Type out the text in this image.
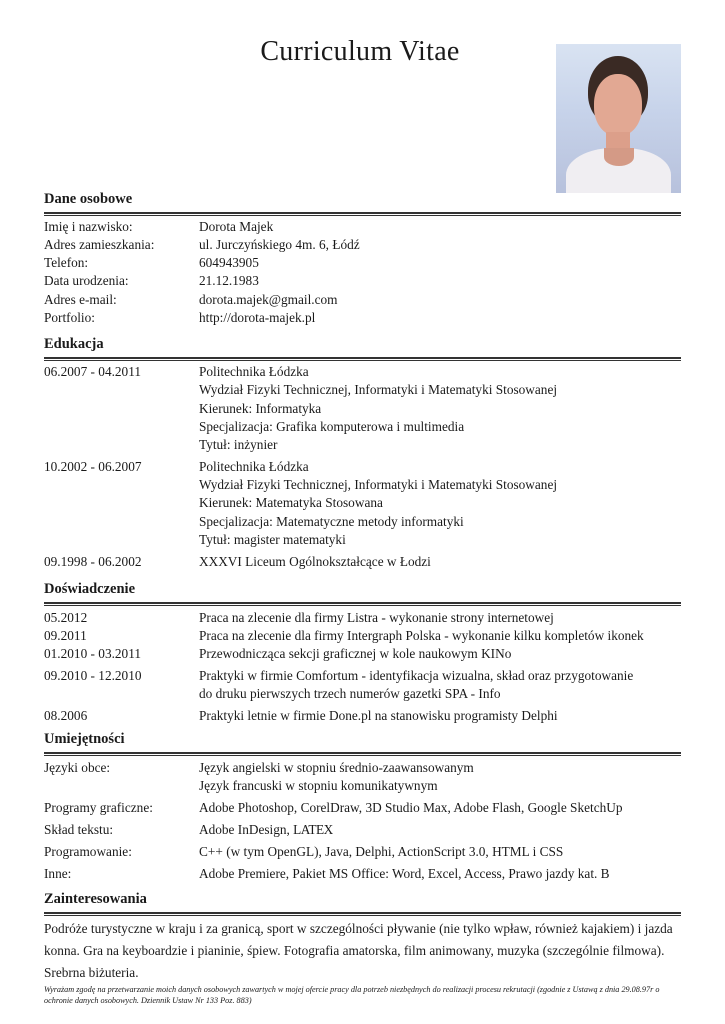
Curriculum Vitae
Dane osobowe
Imię i nazwisko:	Dorota Majek
Adres zamieszkania:	ul. Jurczyńskiego 4m. 6, Łódź
Telefon:	604943905
Data urodzenia:	21.12.1983
Adres e-mail:	dorota.majek@gmail.com
Portfolio:	http://dorota-majek.pl
Edukacja
06.2007 - 04.2011	Politechnika Łódzka
Wydział Fizyki Technicznej, Informatyki i Matematyki Stosowanej
Kierunek: Informatyka
Specjalizacja: Grafika komputerowa i multimedia
Tytuł: inżynier
10.2002 - 06.2007	Politechnika Łódzka
Wydział Fizyki Technicznej, Informatyki i Matematyki Stosowanej
Kierunek: Matematyka Stosowana
Specjalizacja: Matematyczne metody informatyki
Tytuł: magister matematyki
09.1998 - 06.2002	XXXVI Liceum Ogólnokształcące w Łodzi
Doświadczenie
05.2012	Praca na zlecenie dla firmy Listra - wykonanie strony internetowej
09.2011	Praca na zlecenie dla firmy Intergraph Polska - wykonanie kilku kompletów ikonek
01.2010 - 03.2011	Przewodnicząca sekcji graficznej w kole naukowym KINo
09.2010 - 12.2010	Praktyki w firmie Comfortum - identyfikacja wizualna, skład oraz przygotowanie
do druku pierwszych trzech numerów gazetki SPA - Info
08.2006	Praktyki letnie w firmie Done.pl na stanowisku programisty Delphi
Umiejętności
Języki obce:	Język angielski w stopniu średnio-zaawansowanym
Język francuski w stopniu komunikatywnym
Programy graficzne:	Adobe Photoshop, CorelDraw, 3D Studio Max, Adobe Flash, Google SketchUp
Skład tekstu:	Adobe InDesign, LATEX
Programowanie:	C++ (w tym OpenGL), Java, Delphi, ActionScript 3.0, HTML i CSS
Inne:	Adobe Premiere, Pakiet MS Office: Word, Excel, Access, Prawo jazdy kat. B
Zainteresowania
Podróże turystyczne w kraju i za granicą, sport w szczególności pływanie (nie tylko wpław, również kajakiem) i jazda konna. Gra na keyboardzie i pianinie, śpiew. Fotografia amatorska, film animowany, muzyka (szczególnie filmowa). Srebrna biżuteria.
Wyrażam zgodę na przetwarzanie moich danych osobowych zawartych w mojej ofercie pracy dla potrzeb niezbędnych do realizacji procesu rekrutacji (zgodnie z Ustawą z dnia 29.08.97r o ochronie danych osobowych. Dziennik Ustaw Nr 133 Poz. 883)
